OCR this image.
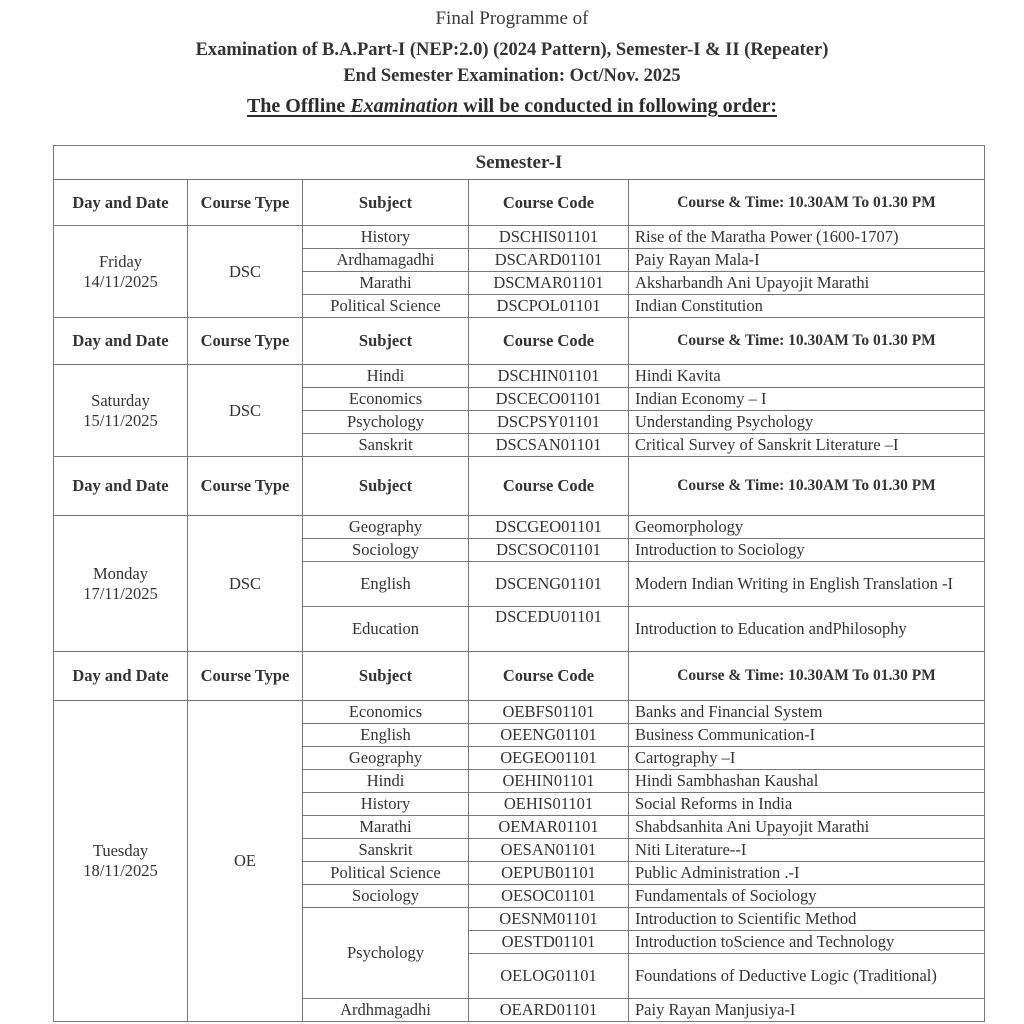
Final Programme of
Examination of B.A.Part-I (NEP:2.0) (2024 Pattern), Semester-I & II (Repeater)
End Semester Examination: Oct/Nov. 2025
The Offline Examination will be conducted in following order:
Semester-I				
Day and Date	Course Type	Subject	Course Code	Course & Time: 10.30AM To 01.30 PM

Friday
14/11/2025	DSC	History	DSCHIS01101	Rise of the Maratha Power (1600-1707)
		Ardhamagadhi	DSCARD01101	Paiy Rayan Mala-I
		Marathi	DSCMAR01101	Aksharbandh Ani Upayojit Marathi
		Political Science	DSCPOL01101	Indian Constitution
Day and Date	Course Type	Subject	Course Code	Course & Time: 10.30AM To 01.30 PM

Saturday
15/11/2025	DSC	Hindi	DSCHIN01101	Hindi Kavita
		Economics	DSCECO01101	Indian Economy – I
		Psychology	DSCPSY01101	Understanding Psychology
		Sanskrit	DSCSAN01101	Critical Survey of Sanskrit Literature –I
Day and Date	Course Type	Subject	Course Code	Course & Time: 10.30AM To 01.30 PM

Monday
17/11/2025	DSC	Geography	DSCGEO01101	Geomorphology
		Sociology	DSCSOC01101	Introduction to Sociology
		English	DSCENG01101	Modern Indian Writing in English Translation -I
		Education	DSCEDU01101	Introduction to Education andPhilosophy
Day and Date	Course Type	Subject	Course Code	Course & Time: 10.30AM To 01.30 PM

Tuesday
18/11/2025	OE	Economics	OEBFS01101	Banks and Financial System
		English	OEENG01101	Business Communication-I
		Geography	OEGEO01101	Cartography –I
		Hindi	OEHIN01101	Hindi Sambhashan Kaushal
		History	OEHIS01101	Social Reforms in India
		Marathi	OEMAR01101	Shabdsanhita Ani Upayojit Marathi
		Sanskrit	OESAN01101	Niti Literature--I
		Political Science	OEPUB01101	Public Administration .-I
		Sociology	OESOC01101	Fundamentals of Sociology
		Psychology	OESNM01101	Introduction to Scientific Method
			OESTD01101	Introduction toScience and Technology
			OELOG01101	Foundations of Deductive Logic (Traditional)
		Ardhmagadhi	OEARD01101	Paiy Rayan Manjusiya-I
